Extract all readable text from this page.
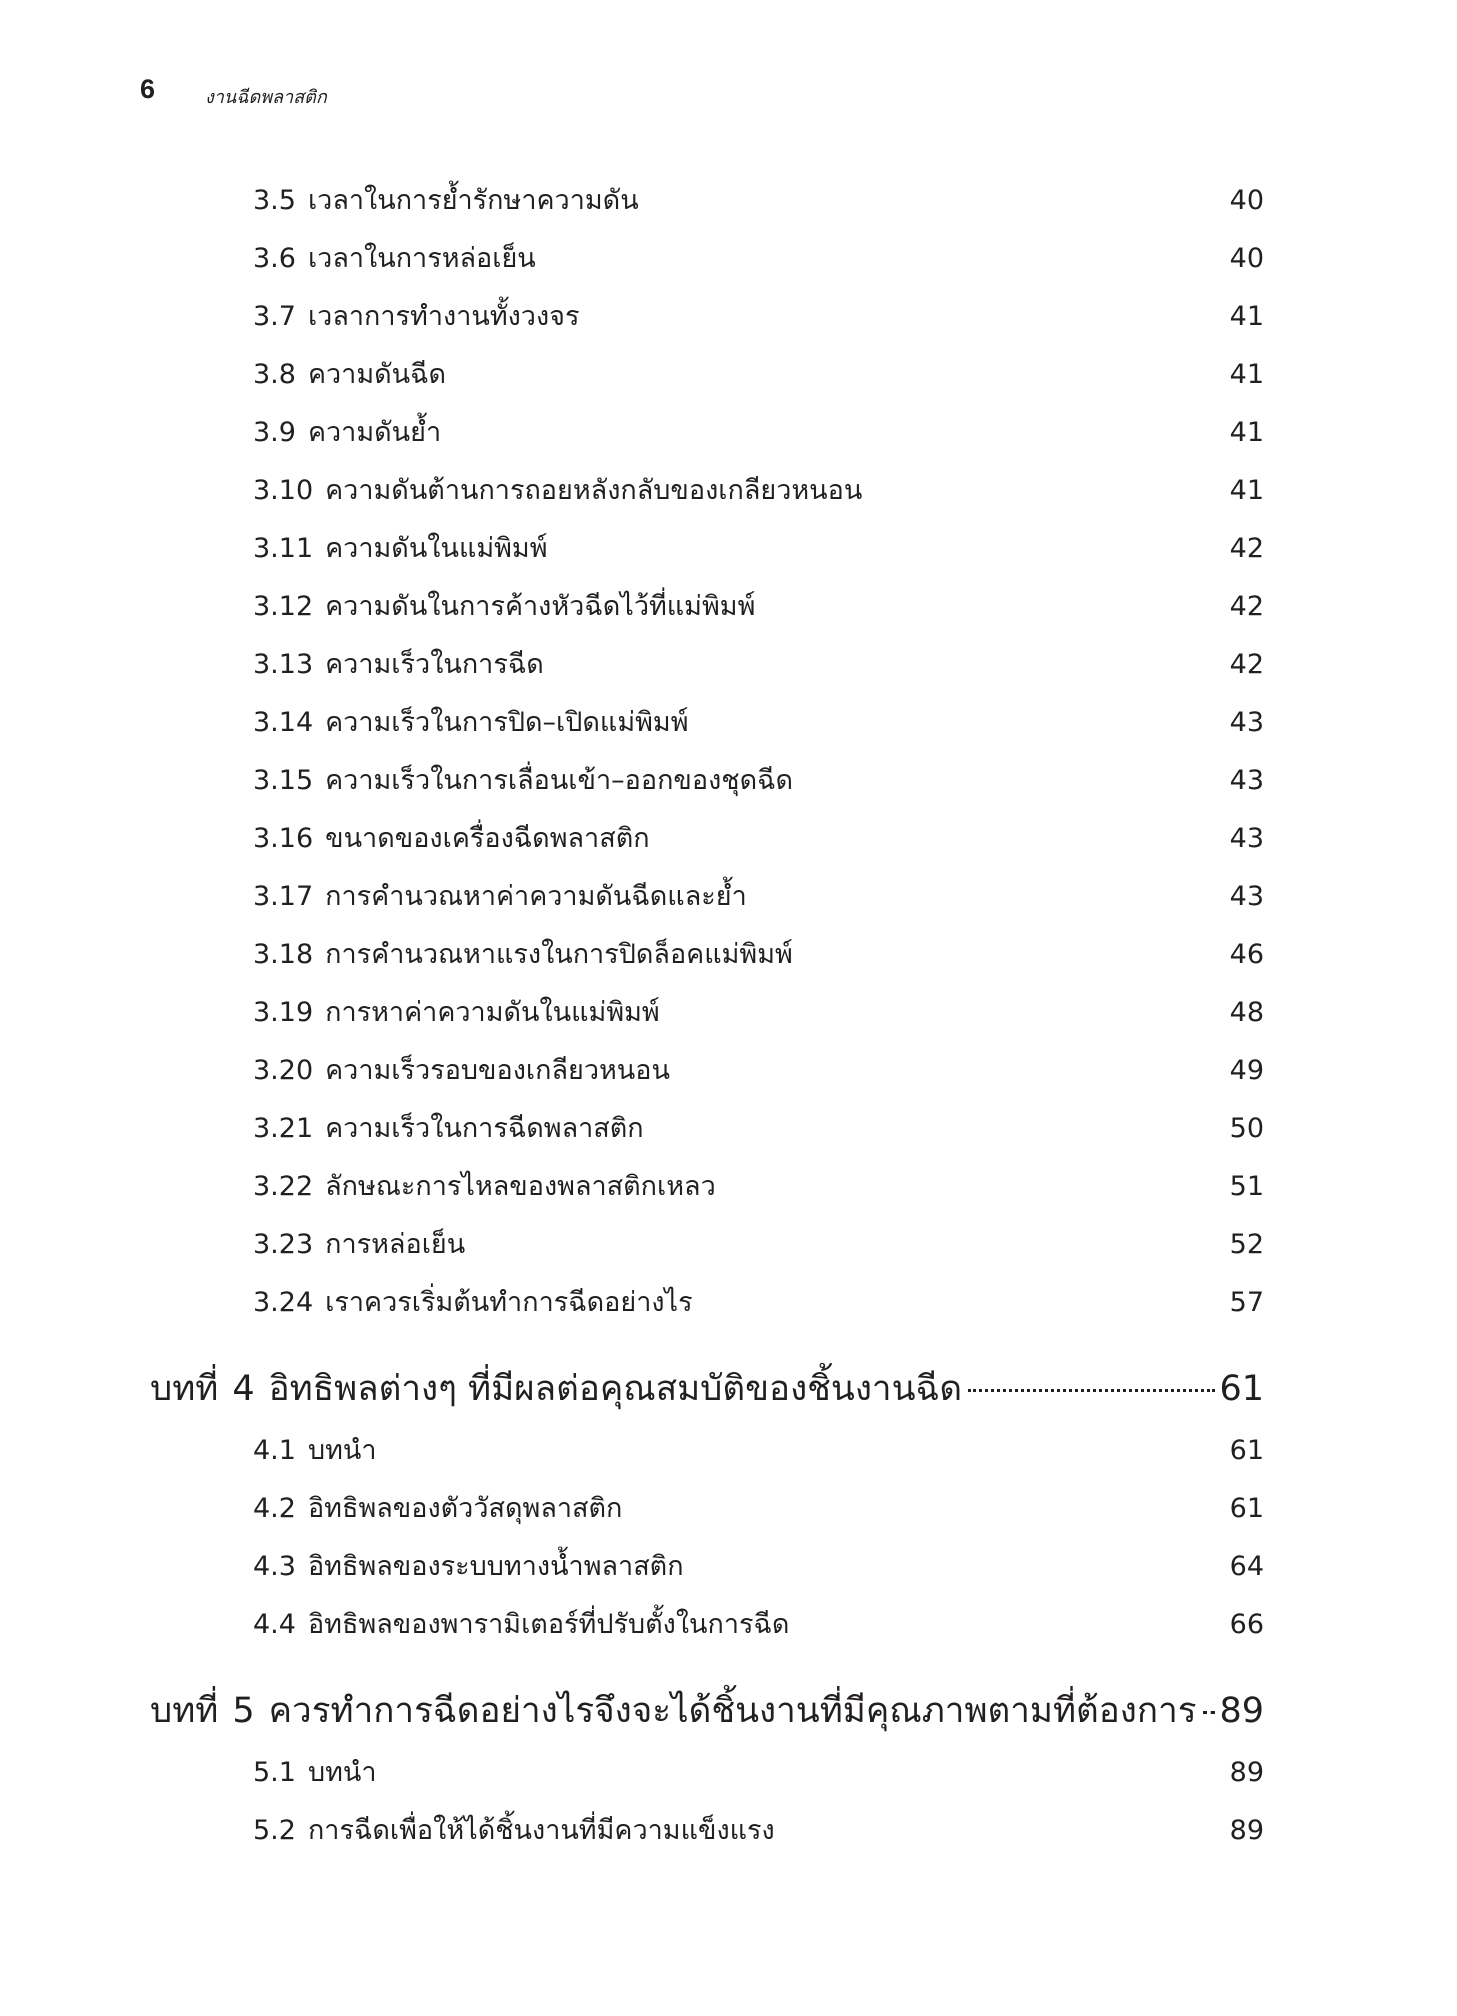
6	งานฉีดพลาสติก
3.5 เวลาในการย้ำรักษาความดัน	40
3.6 เวลาในการหล่อเย็น	40
3.7 เวลาการทำงานทั้งวงจร	41
3.8 ความดันฉีด	41
3.9 ความดันย้ำ	41
3.10 ความดันต้านการถอยหลังกลับของเกลียวหนอน	41
3.11 ความดันในแม่พิมพ์	42
3.12 ความดันในการค้างหัวฉีดไว้ที่แม่พิมพ์	42
3.13 ความเร็วในการฉีด	42
3.14 ความเร็วในการปิด–เปิดแม่พิมพ์	43
3.15 ความเร็วในการเลื่อนเข้า–ออกของชุดฉีด	43
3.16 ขนาดของเครื่องฉีดพลาสติก	43
3.17 การคำนวณหาค่าความดันฉีดและย้ำ	43
3.18 การคำนวณหาแรงในการปิดล็อคแม่พิมพ์	46
3.19 การหาค่าความดันในแม่พิมพ์	48
3.20 ความเร็วรอบของเกลียวหนอน	49
3.21 ความเร็วในการฉีดพลาสติก	50
3.22 ลักษณะการไหลของพลาสติกเหลว	51
3.23 การหล่อเย็น	52
3.24 เราควรเริ่มต้นทำการฉีดอย่างไร	57
บทที่ 4 อิทธิพลต่างๆ ที่มีผลต่อคุณสมบัติของชิ้นงานฉีด	61
4.1 บทนำ	61
4.2 อิทธิพลของตัววัสดุพลาสติก	61
4.3 อิทธิพลของระบบทางน้ำพลาสติก	64
4.4 อิทธิพลของพารามิเตอร์ที่ปรับตั้งในการฉีด	66
บทที่ 5 ควรทำการฉีดอย่างไรจึงจะได้ชิ้นงานที่มีคุณภาพตามที่ต้องการ 89
5.1 บทนำ	89
5.2 การฉีดเพื่อให้ได้ชิ้นงานที่มีความแข็งแรง	89
